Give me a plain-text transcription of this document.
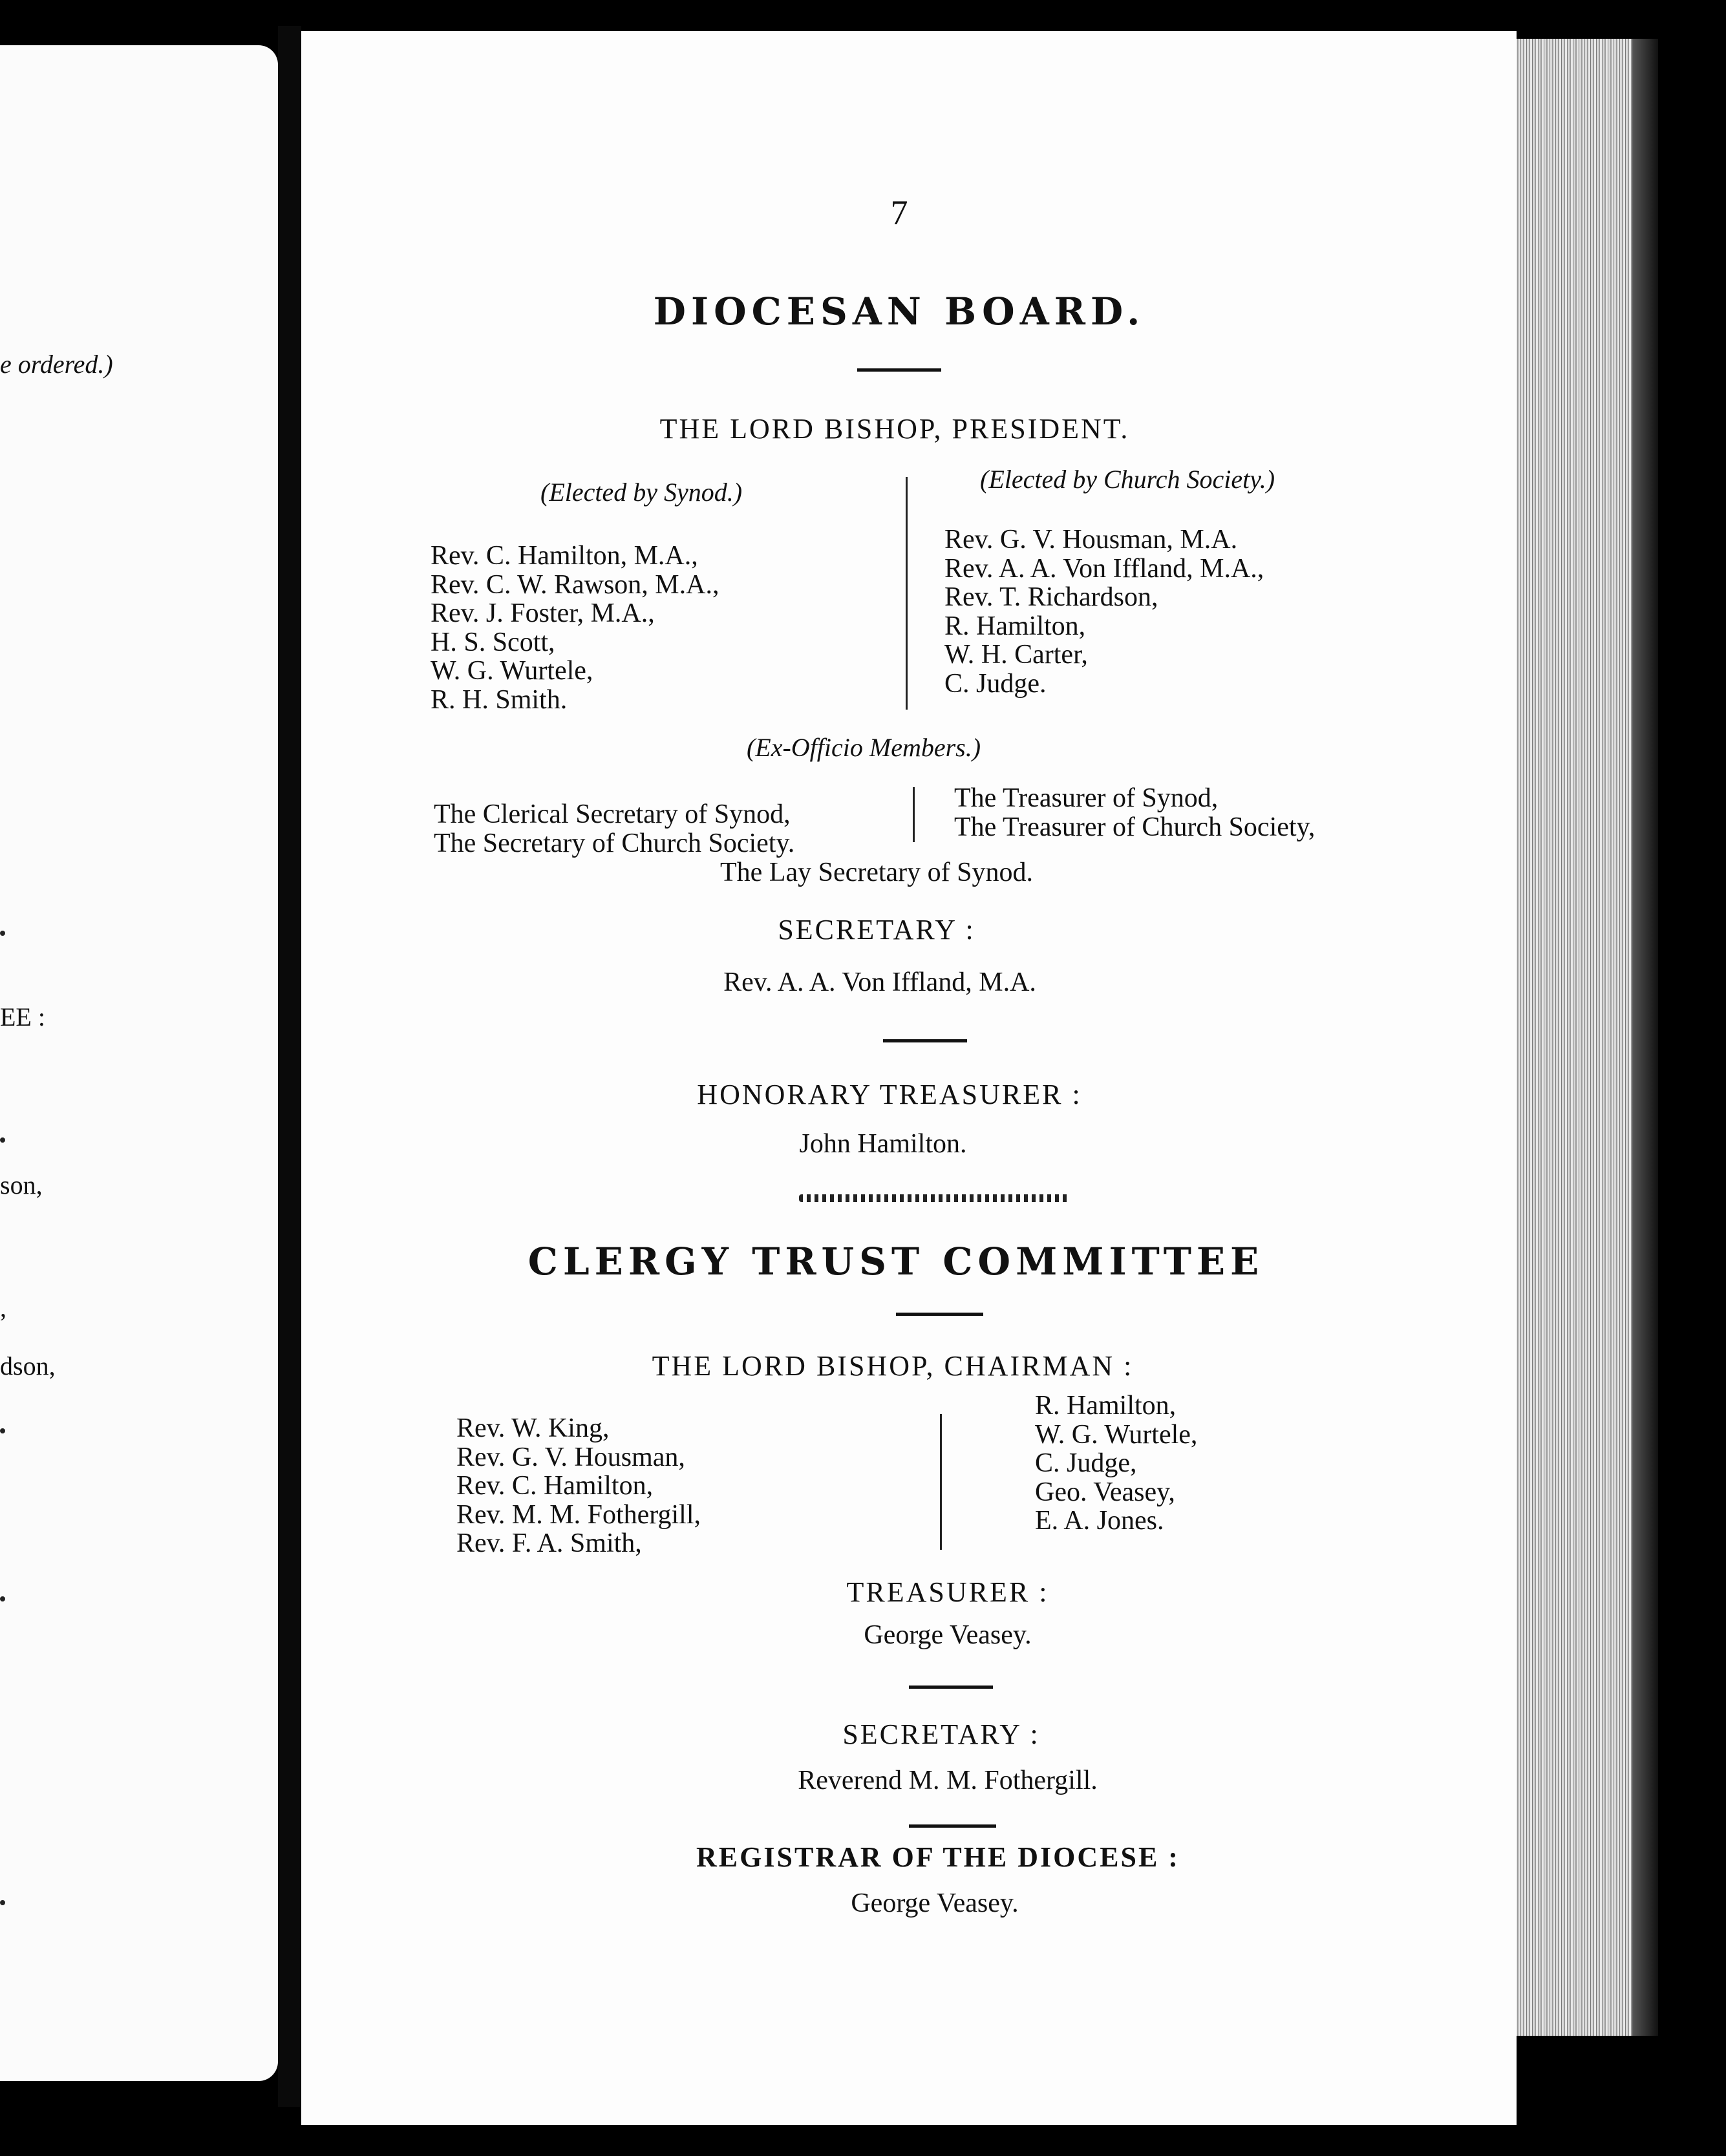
e ordered.)
EE :
son,
,
dson,
7
DIOCESAN BOARD.
THE LORD BISHOP, PRESIDENT.
(Elected by Synod.)	(Elected by Church Society.)
Rev. C. Hamilton, M.A.,
Rev. C. W. Rawson, M.A.,
Rev. J. Foster, M.A.,
H. S. Scott,
W. G. Wurtele,
R. H. Smith.
Rev. G. V. Housman, M.A.
Rev. A. A. Von Iffland, M.A.,
Rev. T. Richardson,
R. Hamilton,
W. H. Carter,
C. Judge.
(Ex-Officio Members.)
The Clerical Secretary of Synod,
The Secretary of Church Society.
The Treasurer of Synod,
The Treasurer of Church Society,
The Lay Secretary of Synod.
SECRETARY :
Rev. A. A. Von Iffland, M.A.
HONORARY TREASURER :
John Hamilton.
CLERGY TRUST COMMITTEE
THE LORD BISHOP, CHAIRMAN :
Rev. W. King,
Rev. G. V. Housman,
Rev. C. Hamilton,
Rev. M. M. Fothergill,
Rev. F. A. Smith,
R. Hamilton,
W. G. Wurtele,
C. Judge,
Geo. Veasey,
E. A. Jones.
TREASURER :
George Veasey.
SECRETARY :
Reverend M. M. Fothergill.
REGISTRAR OF THE DIOCESE :
George Veasey.
